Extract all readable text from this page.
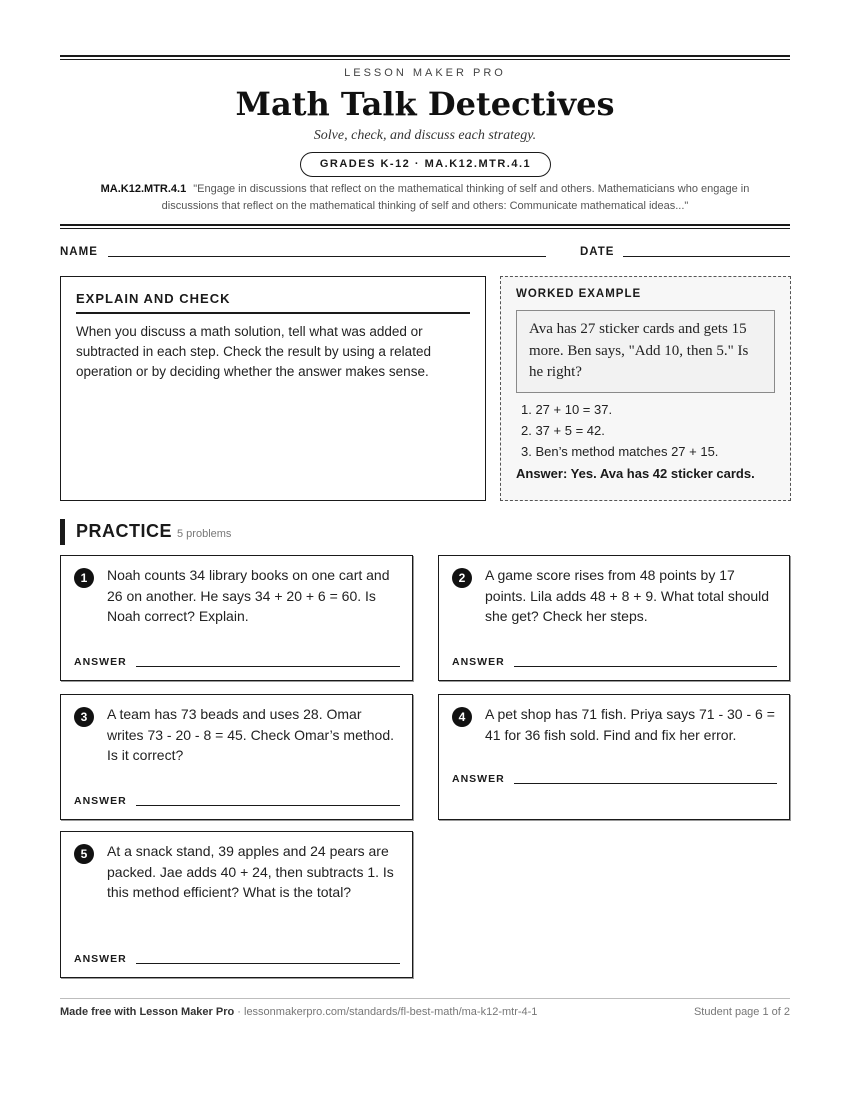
LESSON MAKER PRO
Math Talk Detectives
Solve, check, and discuss each strategy.
GRADES K-12 · MA.K12.MTR.4.1
MA.K12.MTR.4.1 "Engage in discussions that reflect on the mathematical thinking of self and others. Mathematicians who engage in discussions that reflect on the mathematical thinking of self and others: Communicate mathematical ideas..."
NAME	DATE
EXPLAIN AND CHECK

When you discuss a math solution, tell what was added or subtracted in each step. Check the result by using a related operation or by deciding whether the answer makes sense.

WORKED EXAMPLE
Ava has 27 sticker cards and gets 15 more. Ben says, "Add 10, then 5." Is he right?
1. 27 + 10 = 37.
2. 37 + 5 = 42.
3. Ben’s method matches 27 + 15.
Answer: Yes. Ava has 42 sticker cards.
PRACTICE 5 problems
1	Noah counts 34 library books on one cart and 26 on another. He says 34 + 20 + 6 = 60. Is Noah correct? Explain.
ANSWER
2	A game score rises from 48 points by 17 points. Lila adds 48 + 8 + 9. What total should she get? Check her steps.
ANSWER
3	A team has 73 beads and uses 28. Omar writes 73 - 20 - 8 = 45. Check Omar’s method. Is it correct?
ANSWER
4	A pet shop has 71 fish. Priya says 71 - 30 - 6 = 41 for 36 fish sold. Find and fix her error.
ANSWER
5	At a snack stand, 39 apples and 24 pears are packed. Jae adds 40 + 24, then subtracts 1. Is this method efficient? What is the total?
ANSWER
Made free with Lesson Maker Pro · lessonmakerpro.com/standards/fl-best-math/ma-k12-mtr-4-1	Student page 1 of 2
